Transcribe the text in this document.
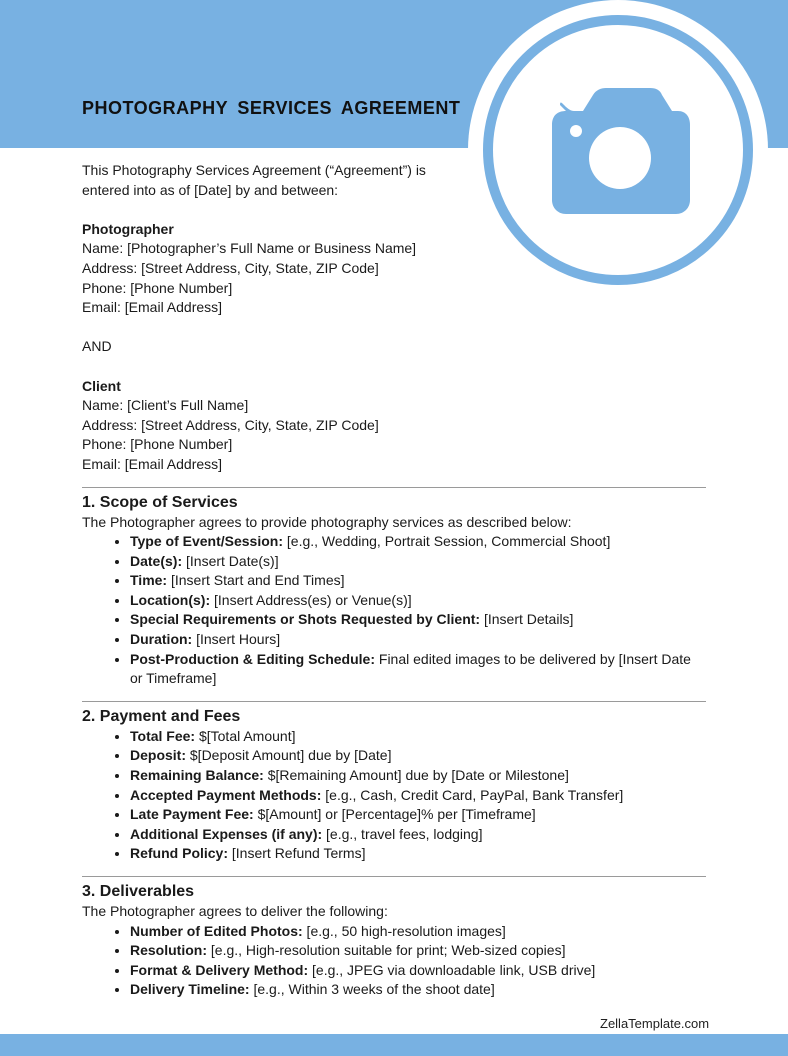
PHOTOGRAPHY SERVICES AGREEMENT

This Photography Services Agreement (“Agreement”) is

entered into as of [Date] by and between:

Photographer

Name: [Photographer’s Full Name or Business Name]

Address: [Street Address, City, State, ZIP Code]

Phone: [Phone Number]

Email: [Email Address]

AND

Client

Name: [Client’s Full Name]

Address: [Street Address, City, State, ZIP Code]

Phone: [Phone Number]

Email: [Email Address]

1. Scope of Services

The Photographer agrees to provide photography services as described below:

• Type of Event/Session: [e.g., Wedding, Portrait Session, Commercial Shoot]
• Date(s): [Insert Date(s)]
• Time: [Insert Start and End Times]
• Location(s): [Insert Address(es) or Venue(s)]
• Special Requirements or Shots Requested by Client: [Insert Details]
• Duration: [Insert Hours]
• Post-Production & Editing Schedule: Final edited images to be delivered by [Insert Date or Timeframe]
2. Payment and Fees
• Total Fee: $[Total Amount]
• Deposit: $[Deposit Amount] due by [Date]
• Remaining Balance: $[Remaining Amount] due by [Date or Milestone]
• Accepted Payment Methods: [e.g., Cash, Credit Card, PayPal, Bank Transfer]
• Late Payment Fee: $[Amount] or [Percentage]% per [Timeframe]
• Additional Expenses (if any): [e.g., travel fees, lodging]
• Refund Policy: [Insert Refund Terms]
3. Deliverables

The Photographer agrees to deliver the following:

• Number of Edited Photos: [e.g., 50 high-resolution images]
• Resolution: [e.g., High-resolution suitable for print; Web-sized copies]
• Format & Delivery Method: [e.g., JPEG via downloadable link, USB drive]
• Delivery Timeline: [e.g., Within 3 weeks of the shoot date]
ZellaTemplate.com
